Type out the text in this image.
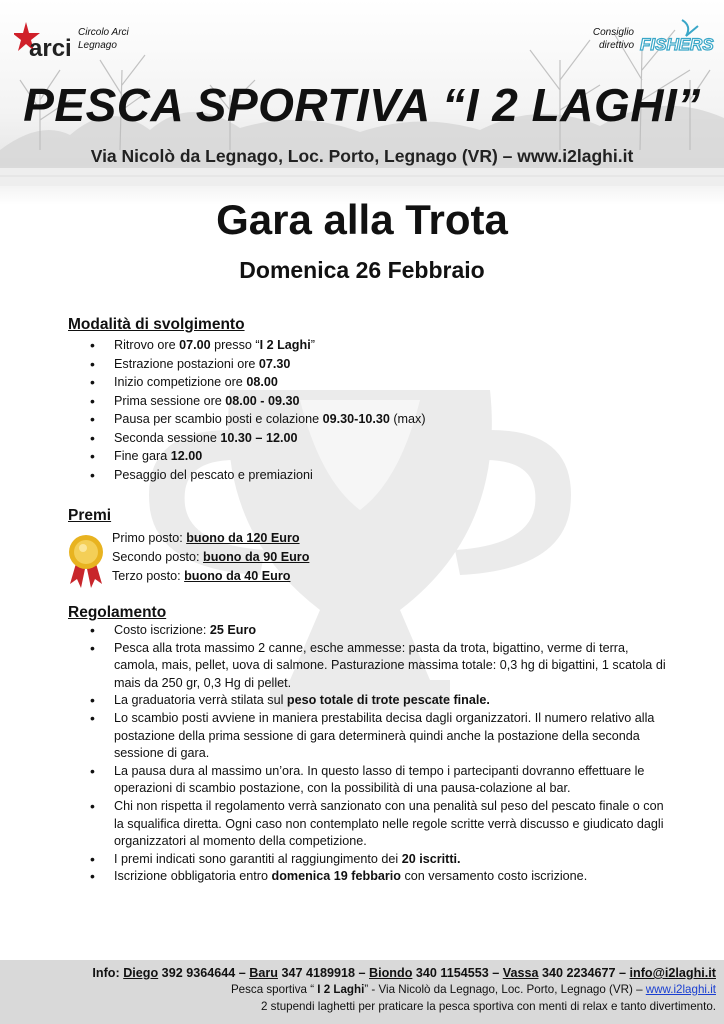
arci
Circolo Arci
Legnago
Consiglio
direttivo FISHERS
PESCA SPORTIVA “I 2 LAGHI”
Via Nicolò da Legnago, Loc. Porto, Legnago (VR) – www.i2laghi.it
Gara alla Trota
Domenica 26 Febbraio
Modalità di svolgimento
• Ritrovo ore 07.00 presso “I 2 Laghi”
• Estrazione postazioni ore 07.30
• Inizio competizione ore 08.00
• Prima sessione ore 08.00 - 09.30
• Pausa per scambio posti e colazione 09.30-10.30 (max)
• Seconda sessione 10.30 – 12.00
• Fine gara 12.00
• Pesaggio del pescato e premiazioni
Premi
Primo posto: buono da 120 Euro
Secondo posto: buono da 90 Euro
Terzo posto: buono da 40 Euro
Regolamento
• Costo iscrizione: 25 Euro
• Pesca alla trota massimo 2 canne, esche ammesse: pasta da trota, bigattino, verme di terra, camola, mais, pellet, uova di salmone. Pasturazione massima totale: 0,3 hg di bigattini, 1 scatola di mais da 250 gr, 0,3 Hg di pellet.
• La graduatoria verrà stilata sul peso totale di trote pescate finale.
• Lo scambio posti avviene in maniera prestabilita decisa dagli organizzatori. Il numero relativo alla postazione della prima sessione di gara determinerà quindi anche la postazione della seconda sessione di gara.
• La pausa dura al massimo un’ora. In questo lasso di tempo i partecipanti dovranno effettuare le operazioni di scambio postazione, con la possibilità di una pausa-colazione al bar.
• Chi non rispetta il regolamento verrà sanzionato con una penalità sul peso del pescato finale o con la squalifica diretta. Ogni caso non contemplato nelle regole scritte verrà discusso e giudicato dagli organizzatori al momento della competizione.
• I premi indicati sono garantiti al raggiungimento dei 20 iscritti.
• Iscrizione obbligatoria entro domenica 19 febbario con versamento costo iscrizione.
Info: Diego 392 9364644 – Baru 347 4189918 – Biondo 340 1154553 – Vassa 340 2234677 – info@i2laghi.it
Pesca sportiva “ I 2 Laghi” - Via Nicolò da Legnago, Loc. Porto, Legnago (VR) – www.i2laghi.it
2 stupendi laghetti per praticare la pesca sportiva con menti di relax e tanto divertimento.
